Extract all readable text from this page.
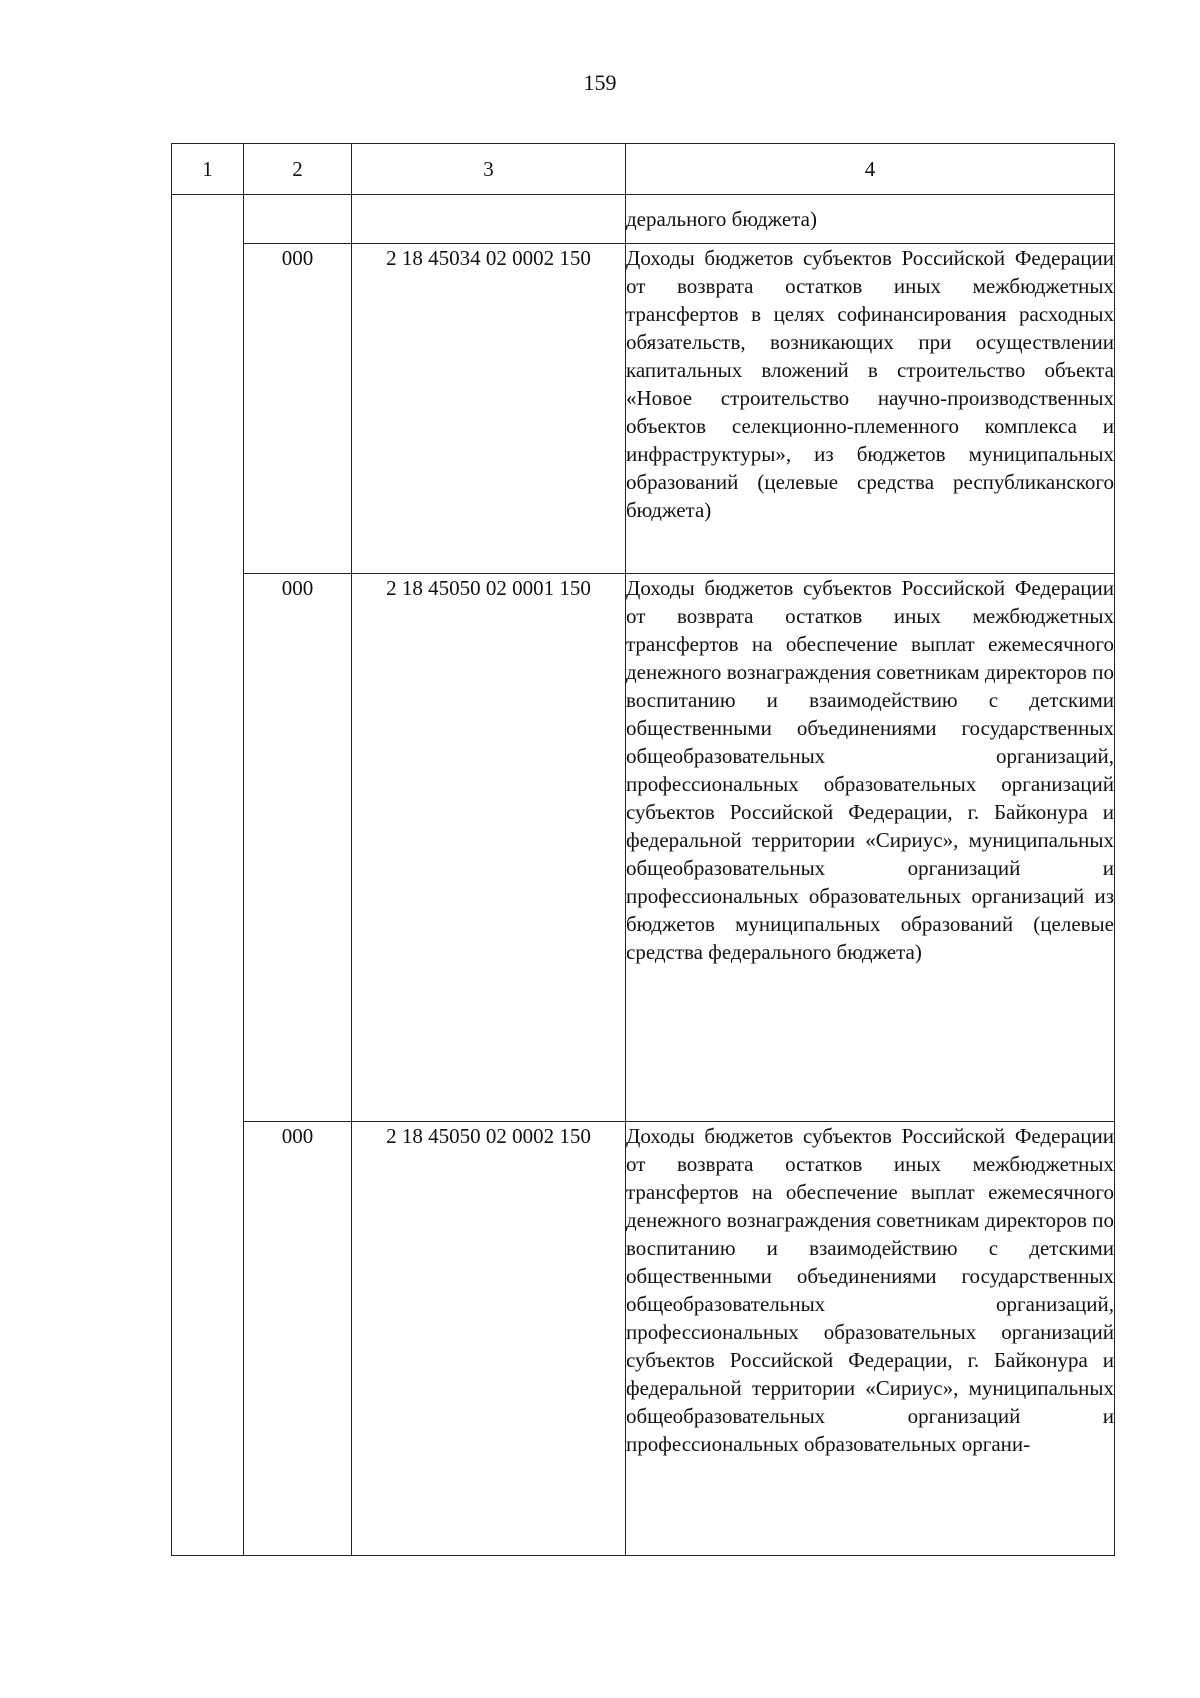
159
1	2	3	4
			дерального бюджета)
	000	2 18 45034 02 0002 150	Доходы бюджетов субъектов Российской Федерации от возврата остатков иных межбюджетных трансфертов в целях софинансирования расходных обязательств, возникающих при осуществлении капитальных вложений в строительство объекта «Новое строительство научно-производственных объектов селекционно-племенного комплекса и инфраструктуры», из бюджетов муниципальных образований (целевые средства республиканского бюджета)
	000	2 18 45050 02 0001 150	Доходы бюджетов субъектов Российской Федерации от возврата остатков иных межбюджетных трансфертов на обеспечение выплат ежемесячного денежного вознаграждения советникам директоров по воспитанию и взаимодействию с детскими общественными объединениями государственных общеобразовательных организаций, профессиональных образовательных организаций субъектов Российской Федерации, г. Байконура и федеральной территории «Сириус», муниципальных общеобразовательных организаций и профессиональных образовательных организаций из бюджетов муниципальных образований (целевые средства федерального бюджета)
	000	2 18 45050 02 0002 150	Доходы бюджетов субъектов Российской Федерации от возврата остатков иных межбюджетных трансфертов на обеспечение выплат ежемесячного денежного вознаграждения советникам директоров по воспитанию и взаимодействию с детскими общественными объединениями государственных общеобразовательных организаций, профессиональных образовательных организаций субъектов Российской Федерации, г. Байконура и федеральной территории «Сириус», муниципальных общеобразовательных организаций и профессиональных образовательных органи-
